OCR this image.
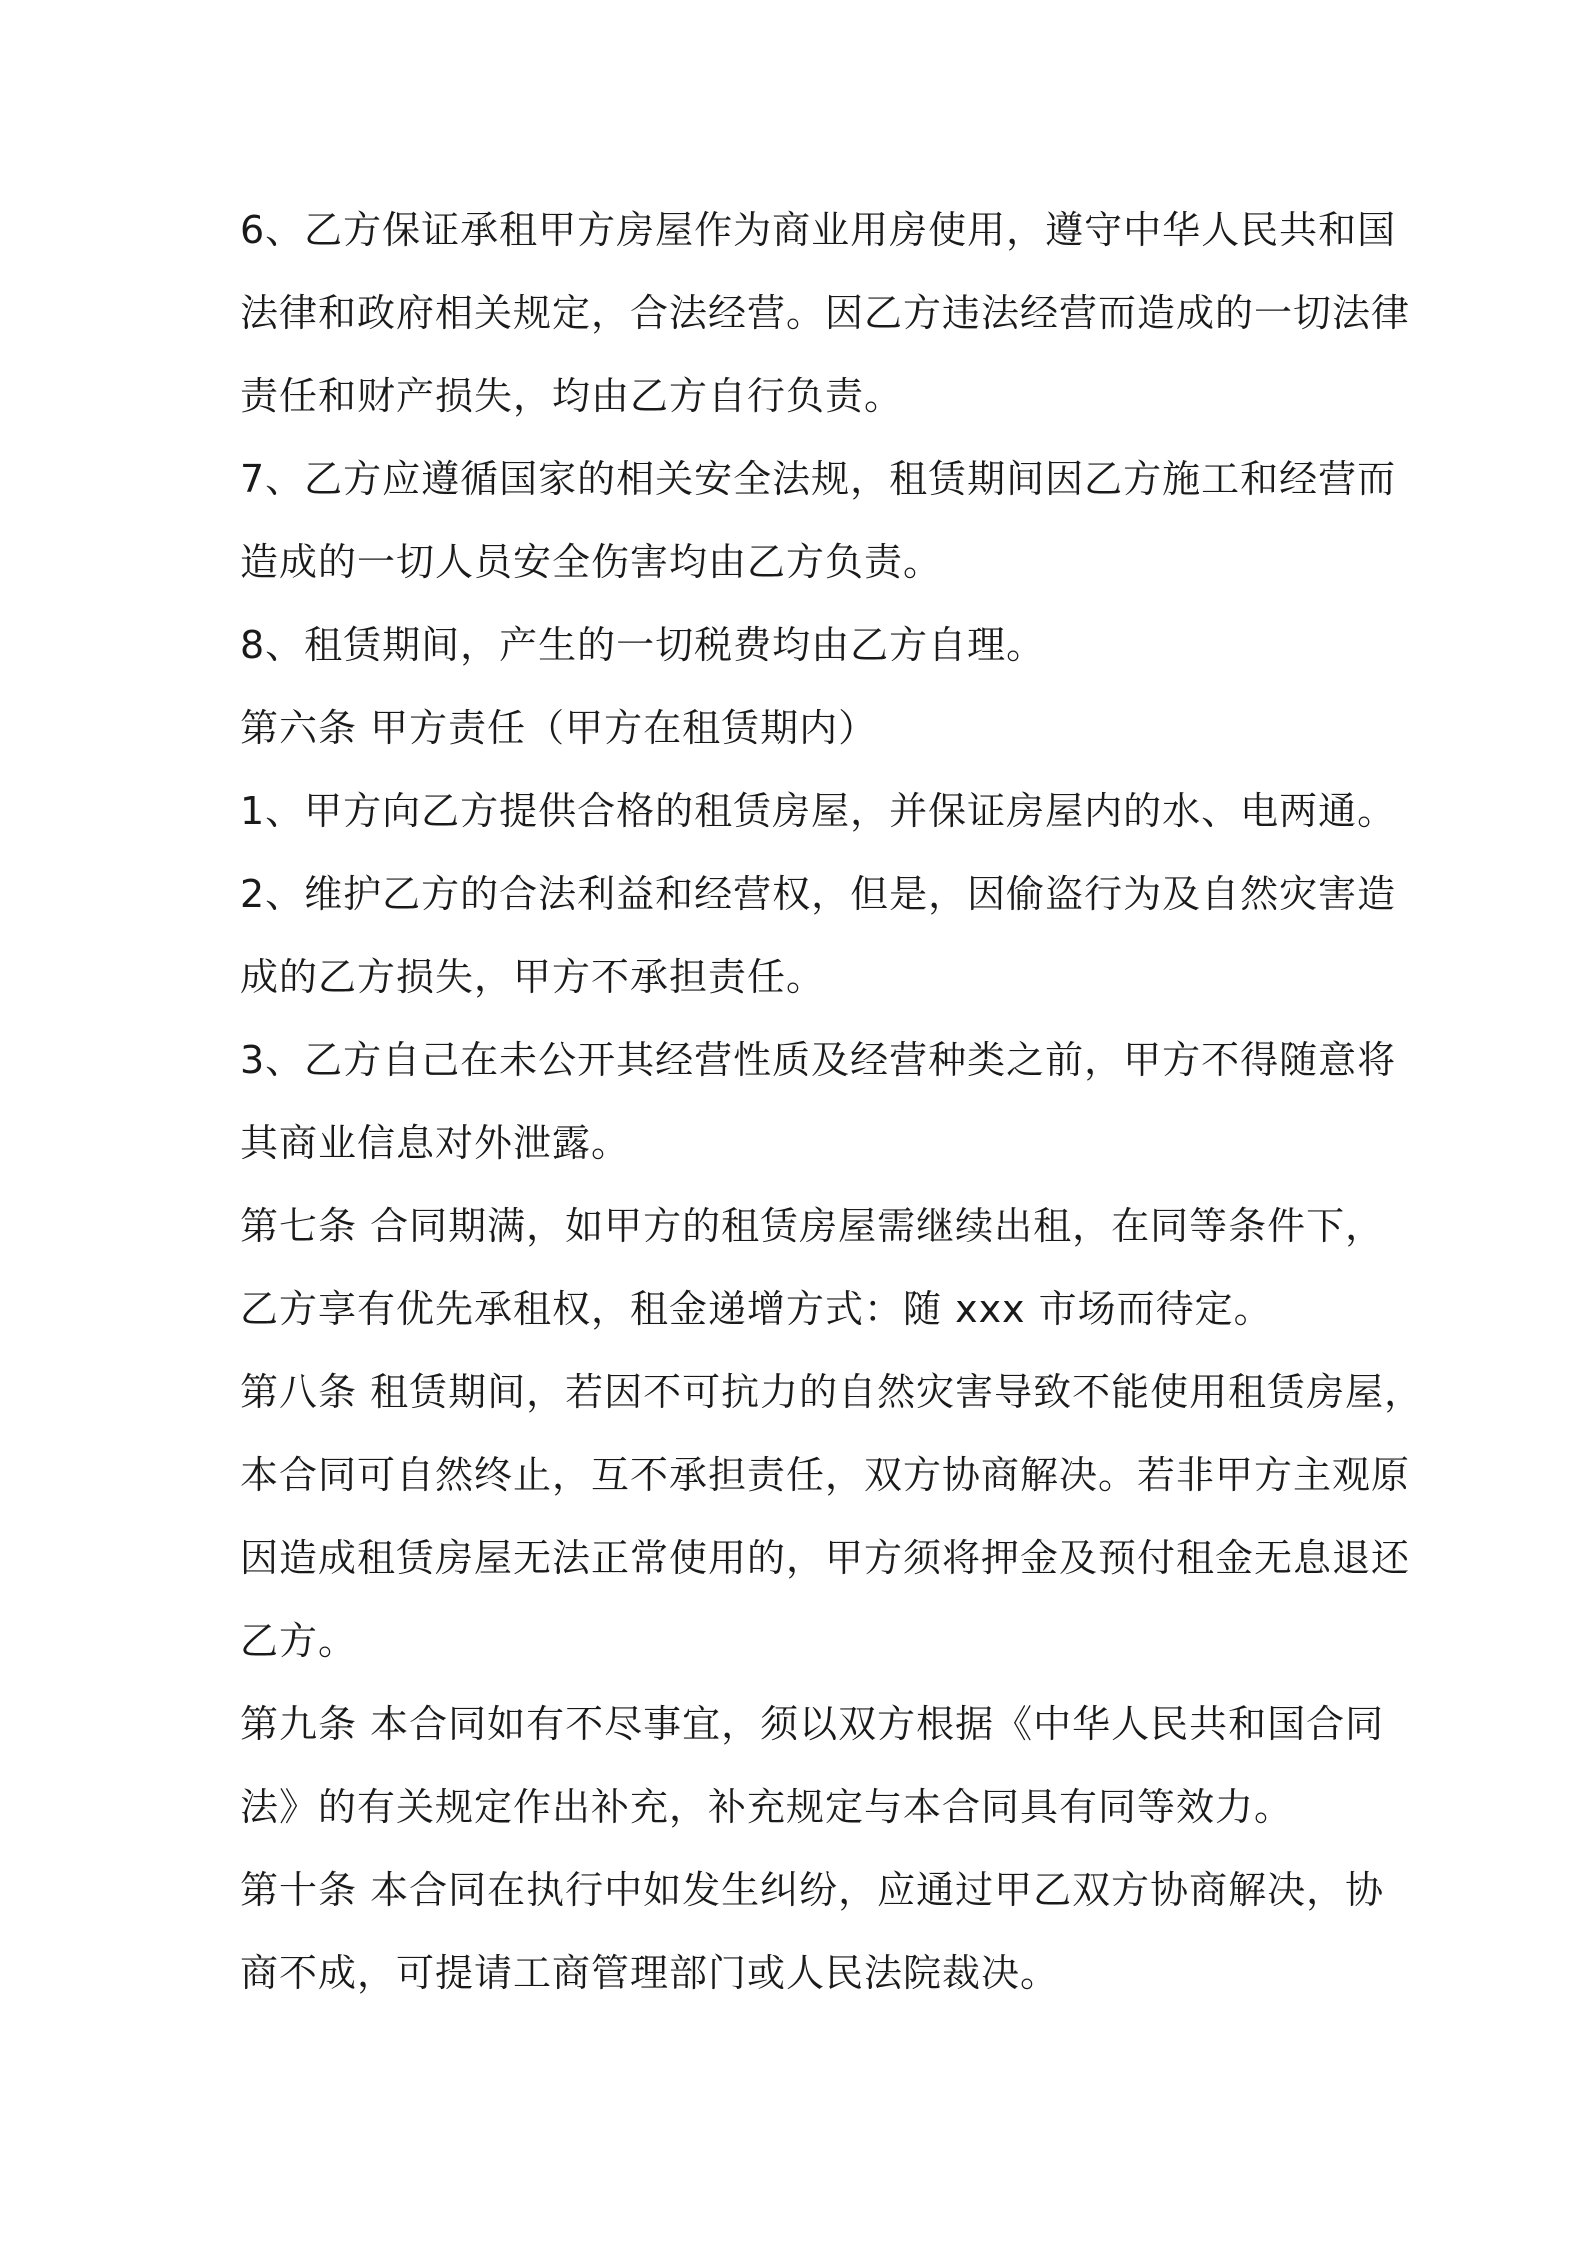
6、乙方保证承租甲方房屋作为商业用房使用，遵守中华人民共和国
法律和政府相关规定，合法经营。因乙方违法经营而造成的一切法律
责任和财产损失，均由乙方自行负责。
7、乙方应遵循国家的相关安全法规，租赁期间因乙方施工和经营而
造成的一切人员安全伤害均由乙方负责。
8、租赁期间，产生的一切税费均由乙方自理。
第六条 甲方责任（甲方在租赁期内）
1、甲方向乙方提供合格的租赁房屋，并保证房屋内的水、电两通。
2、维护乙方的合法利益和经营权，但是，因偷盗行为及自然灾害造
成的乙方损失，甲方不承担责任。
3、乙方自己在未公开其经营性质及经营种类之前，甲方不得随意将
其商业信息对外泄露。
第七条 合同期满，如甲方的租赁房屋需继续出租，在同等条件下，
乙方享有优先承租权，租金递增方式：随 xxx 市场而待定。
第八条 租赁期间，若因不可抗力的自然灾害导致不能使用租赁房屋，
本合同可自然终止，互不承担责任，双方协商解决。若非甲方主观原
因造成租赁房屋无法正常使用的，甲方须将押金及预付租金无息退还
乙方。
第九条 本合同如有不尽事宜，须以双方根据《中华人民共和国合同
法》的有关规定作出补充，补充规定与本合同具有同等效力。
第十条 本合同在执行中如发生纠纷，应通过甲乙双方协商解决，协
商不成，可提请工商管理部门或人民法院裁决。
